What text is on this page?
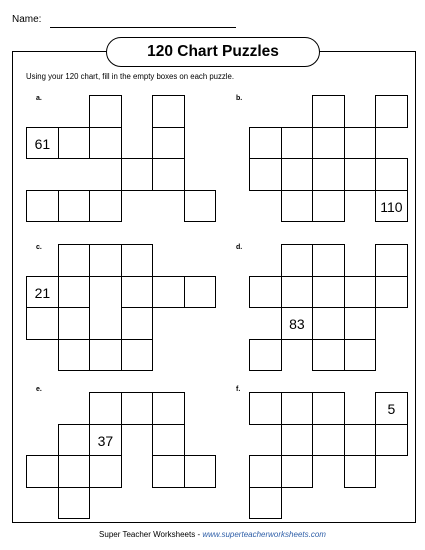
Name:
120 Chart Puzzles
Using your 120 chart, fill in the empty boxes on each puzzle.
a.
61
b.
110
c.
21
d.
83
e.
37
f.
5
Super Teacher Worksheets - www.superteacherworksheets.com
